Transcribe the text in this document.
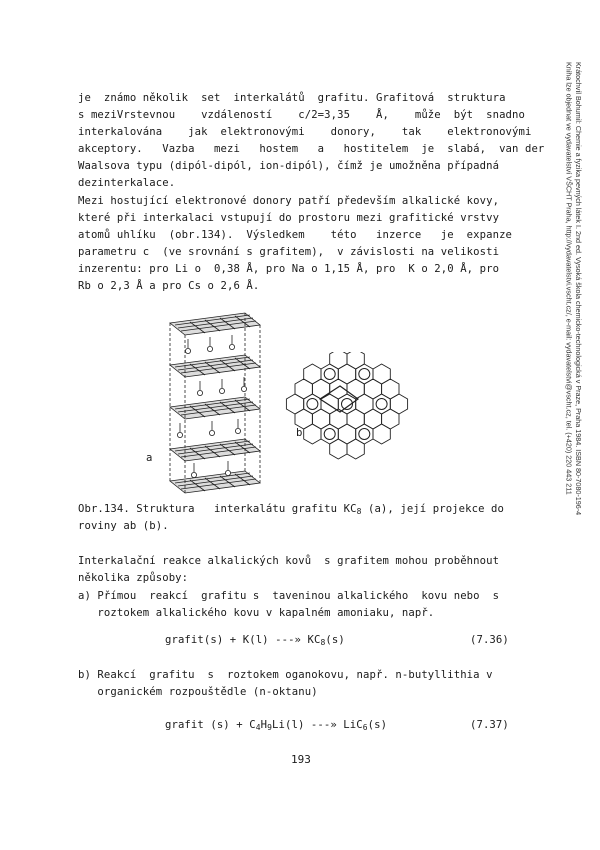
Krátochvíl Bohumil: Chemie a fyzika pevných látek I. 2nd ed. Vysoká škola chemicko-technologická v Praze, Praha 1984. ISBN 80-7080-196-4
Kniha lze objednat ve vydavatelství VŠCHT Praha, http://vydavatelstvi.vscht.cz/, e-mail: vydavatelstvi@vscht.cz, tel. (+420) 220 443 211
je  známo několik  set  interkalátů  grafitu. Grafitová  struktura
s meziVrstevnou    vzdáleností    c/2=3,35    Å,    může  být  snadno
interkalována    jak  elektronovými    donory,    tak    elektronovými
akceptory.   Vazba   mezi   hostem   a   hostitelem  je  slabá,  van der
Waalsova typu (dipól-dipól, ion-dipól), čímž je umožněna případná
dezinterkalace.
Mezi hostující elektronové donory patří především alkalické kovy,
které při interkalaci vstupují do prostoru mezi grafitické vrstvy
atomů uhlíku  (obr.134).  Výsledkem    této   inzerce   je  expanze
parametru c  (ve srovnání s grafitem),  v závislosti na velikosti
inzerentu: pro Li o  0,38 Å, pro Na o 1,15 Å, pro  K o 2,0 Å, pro
Rb o 2,3 Å a pro Cs o 2,6 Å.
a
b
Obr.134. Struktura   interkalátu grafitu $KC_8$ (a), její projekce do
roviny ab (b).
Interkalační reakce alkalických kovů  s grafitem mohou proběhnout
několika způsoby:
a) Přímou  reakcí  grafitu s  taveninou alkalického  kovu nebo  s
roztokem alkalického kovu v kapalném amoniaku, např.
grafit(s) + K(l) ---» $KC_8(s)$	(7.36)
b) Reakcí  grafitu  s  roztokem oganokovu, např. n-butyllithia v
organickém rozpouštědle (n-oktanu)
grafit $(s) + C_4H_9Li(l)$ ---» LiC$_6$(s)	(7.37)
193
